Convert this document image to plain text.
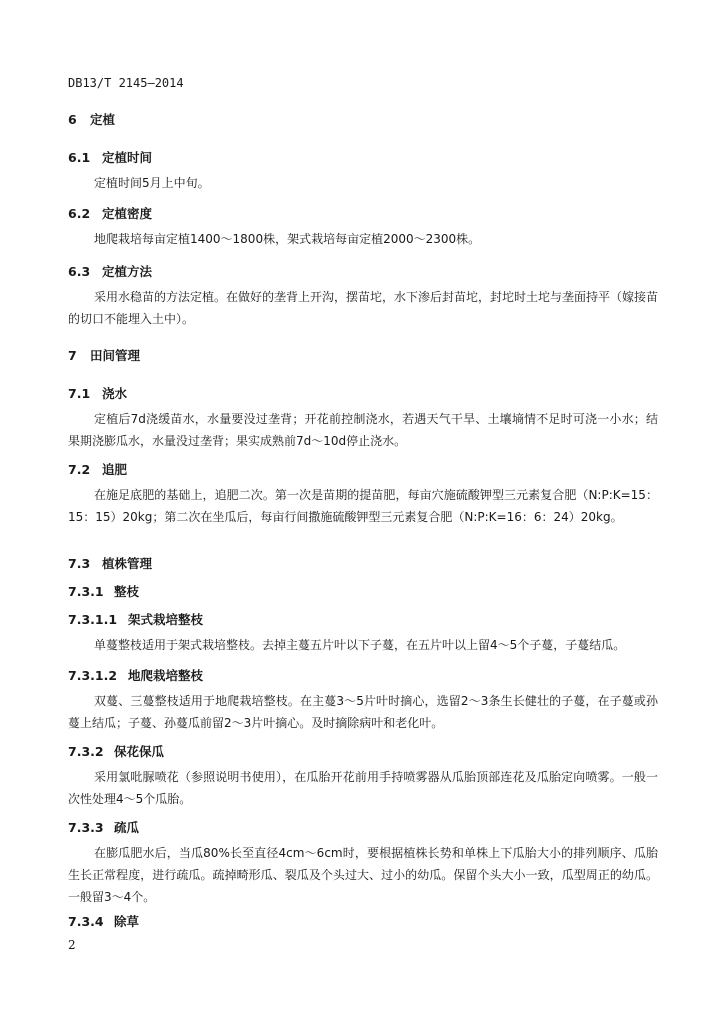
DB13/T 2145—2014
6 定植
6.1 定植时间
定植时间5月上中旬。
6.2 定植密度
地爬栽培每亩定植1400～1800株，架式栽培每亩定植2000～2300株。
6.3 定植方法
采用水稳苗的方法定植。在做好的垄背上开沟，摆苗坨，水下渗后封苗坨，封坨时土坨与垄面持平（嫁接苗的切口不能埋入土中）。
7 田间管理
7.1 浇水
定植后7d浇缓苗水，水量要没过垄背；开花前控制浇水，若遇天气干旱、土壤墒情不足时可浇一小水；结果期浇膨瓜水，水量没过垄背；果实成熟前7d～10d停止浇水。
7.2 追肥
在施足底肥的基础上，追肥二次。第一次是苗期的提苗肥，每亩穴施硫酸钾型三元素复合肥（N:P:K=15：15：15）20kg；第二次在坐瓜后，每亩行间撒施硫酸钾型三元素复合肥（N:P:K=16：6：24）20kg。
7.3 植株管理
7.3.1 整枝
7.3.1.1 架式栽培整枝
单蔓整枝适用于架式栽培整枝。去掉主蔓五片叶以下子蔓，在五片叶以上留4～5个子蔓，子蔓结瓜。
7.3.1.2 地爬栽培整枝
双蔓、三蔓整枝适用于地爬栽培整枝。在主蔓3～5片叶时摘心，选留2～3条生长健壮的子蔓，在子蔓或孙蔓上结瓜；子蔓、孙蔓瓜前留2～3片叶摘心。及时摘除病叶和老化叶。
7.3.2 保花保瓜
采用氯吡脲喷花（参照说明书使用），在瓜胎开花前用手持喷雾器从瓜胎顶部连花及瓜胎定向喷雾。一般一次性处理4～5个瓜胎。
7.3.3 疏瓜
在膨瓜肥水后，当瓜80%长至直径4cm～6cm时，要根据植株长势和单株上下瓜胎大小的排列顺序、瓜胎生长正常程度，进行疏瓜。疏掉畸形瓜、裂瓜及个头过大、过小的幼瓜。保留个头大小一致，瓜型周正的幼瓜。一般留3～4个。
7.3.4 除草
2
